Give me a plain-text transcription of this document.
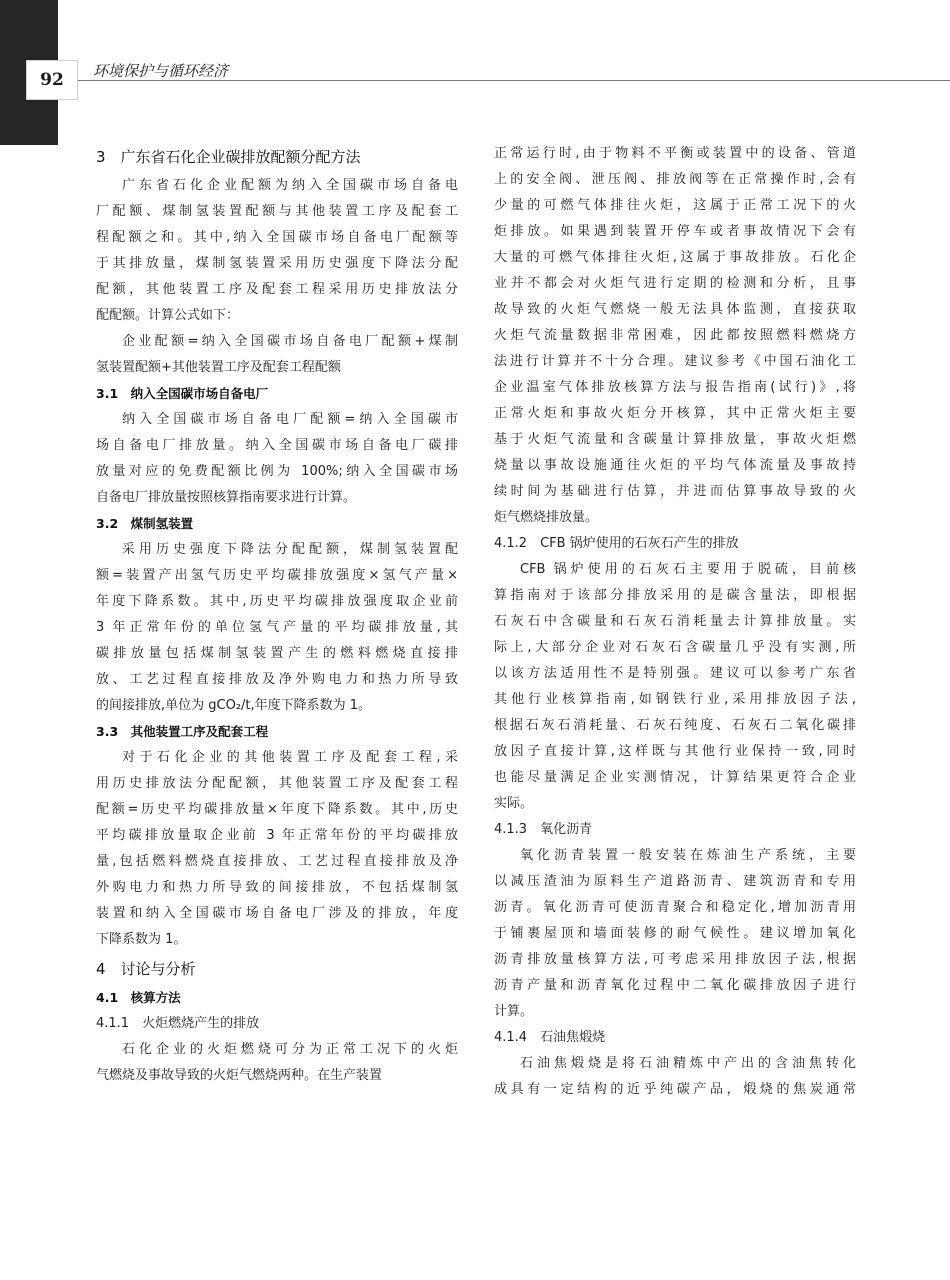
92	环境保护与循环经济
3　广东省石化企业碳排放配额分配方法
广东省石化企业配额为纳入全国碳市场自备电
厂配额、煤制氢装置配额与其他装置工序及配套工
程配额之和。其中,纳入全国碳市场自备电厂配额等
于其排放量，煤制氢装置采用历史强度下降法分配
配额，其他装置工序及配套工程采用历史排放法分
配配额。计算公式如下：
企业配额=纳入全国碳市场自备电厂配额+煤制
氢装置配额+其他装置工序及配套工程配额
3.1　纳入全国碳市场自备电厂
纳入全国碳市场自备电厂配额=纳入全国碳市
场自备电厂排放量。纳入全国碳市场自备电厂碳排
放量对应的免费配额比例为 100%;纳入全国碳市场
自备电厂排放量按照核算指南要求进行计算。
3.2　煤制氢装置
采用历史强度下降法分配配额，煤制氢装置配
额=装置产出氢气历史平均碳排放强度×氢气产量×
年度下降系数。其中,历史平均碳排放强度取企业前
3 年正常年份的单位氢气产量的平均碳排放量,其
碳排放量包括煤制氢装置产生的燃料燃烧直接排
放、工艺过程直接排放及净外购电力和热力所导致
的间接排放,单位为 gCO₂/t,年度下降系数为 1。
3.3　其他装置工序及配套工程
对于石化企业的其他装置工序及配套工程,采
用历史排放法分配配额，其他装置工序及配套工程
配额=历史平均碳排放量×年度下降系数。其中,历史
平均碳排放量取企业前 3 年正常年份的平均碳排放
量,包括燃料燃烧直接排放、工艺过程直接排放及净
外购电力和热力所导致的间接排放，不包括煤制氢
装置和纳入全国碳市场自备电厂涉及的排放，年度
下降系数为 1。
4　讨论与分析
4.1　核算方法
4.1.1　火炬燃烧产生的排放
石化企业的火炬燃烧可分为正常工况下的火炬
气燃烧及事故导致的火炬气燃烧两种。在生产装置
正常运行时,由于物料不平衡或装置中的设备、管道
上的安全阀、泄压阀、排放阀等在正常操作时,会有
少量的可燃气体排往火炬，这属于正常工况下的火
炬排放。如果遇到装置开停车或者事故情况下会有
大量的可燃气体排往火炬,这属于事故排放。石化企
业并不都会对火炬气进行定期的检测和分析，且事
故导致的火炬气燃烧一般无法具体监测，直接获取
火炬气流量数据非常困难，因此都按照燃料燃烧方
法进行计算并不十分合理。建议参考《中国石油化工
企业温室气体排放核算方法与报告指南(试行)》,将
正常火炬和事故火炬分开核算，其中正常火炬主要
基于火炬气流量和含碳量计算排放量，事故火炬燃
烧量以事故设施通往火炬的平均气体流量及事故持
续时间为基础进行估算，并进而估算事故导致的火
炬气燃烧排放量。
4.1.2　CFB 锅炉使用的石灰石产生的排放
CFB 锅炉使用的石灰石主要用于脱硫，目前核
算指南对于该部分排放采用的是碳含量法，即根据
石灰石中含碳量和石灰石消耗量去计算排放量。实
际上,大部分企业对石灰石含碳量几乎没有实测,所
以该方法适用性不是特别强。建议可以参考广东省
其他行业核算指南,如钢铁行业,采用排放因子法,
根据石灰石消耗量、石灰石纯度、石灰石二氧化碳排
放因子直接计算,这样既与其他行业保持一致,同时
也能尽量满足企业实测情况，计算结果更符合企业
实际。
4.1.3　氧化沥青
氧化沥青装置一般安装在炼油生产系统，主要
以减压渣油为原料生产道路沥青、建筑沥青和专用
沥青。氧化沥青可使沥青聚合和稳定化,增加沥青用
于铺裹屋顶和墙面装修的耐气候性。建议增加氧化
沥青排放量核算方法,可考虑采用排放因子法,根据
沥青产量和沥青氧化过程中二氧化碳排放因子进行
计算。
4.1.4　石油焦煅烧
石油焦煅烧是将石油精炼中产出的含油焦转化
成具有一定结构的近乎纯碳产品，煅烧的焦炭通常
